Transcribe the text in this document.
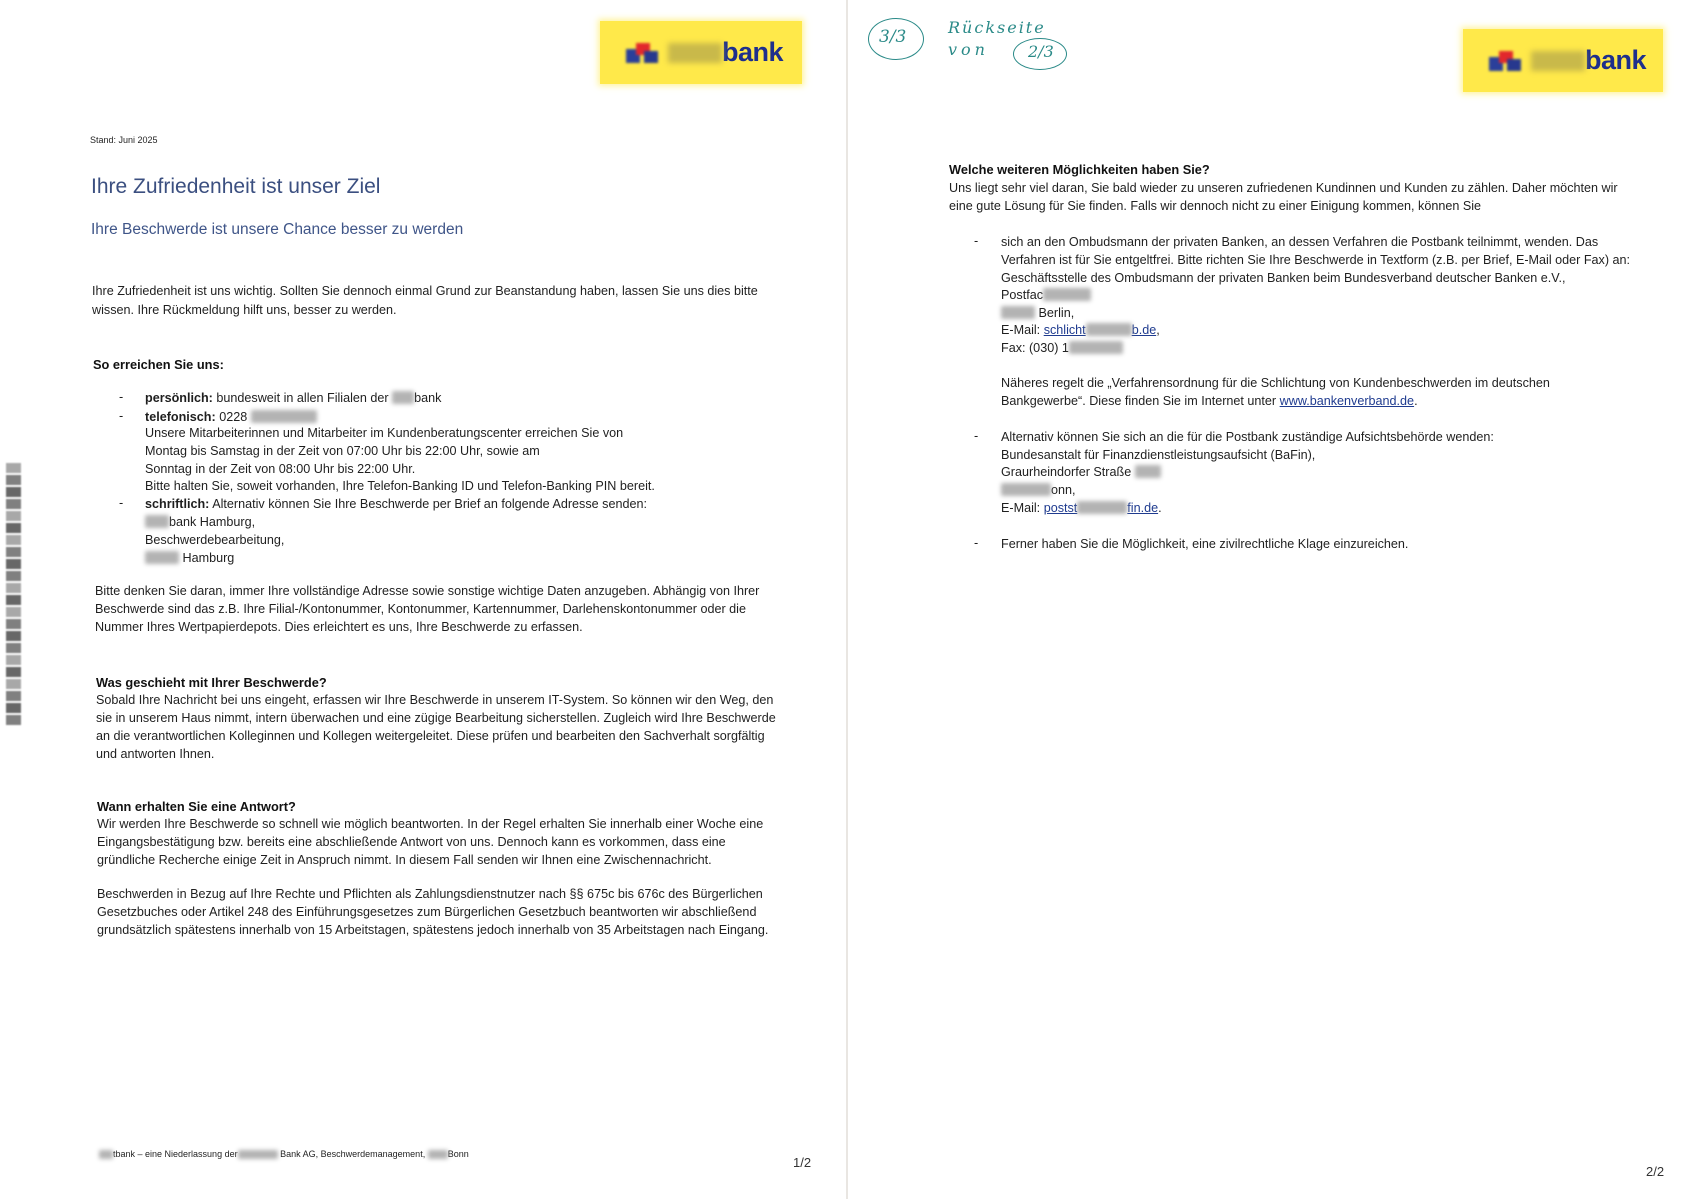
bank
Stand: Juni 2025
Ihre Zufriedenheit ist unser Ziel
Ihre Beschwerde ist unsere Chance besser zu werden
Ihre Zufriedenheit ist uns wichtig. Sollten Sie dennoch einmal Grund zur Beanstandung haben, lassen Sie uns dies bitte
wissen. Ihre Rückmeldung hilft uns, besser zu werden.
So erreichen Sie uns:
- persönlich: bundesweit in allen Filialen der bank
- telefonisch: 0228
Unsere Mitarbeiterinnen und Mitarbeiter im Kundenberatungscenter erreichen Sie von
Montag bis Samstag in der Zeit von 07:00 Uhr bis 22:00 Uhr, sowie am
Sonntag in der Zeit von 08:00 Uhr bis 22:00 Uhr.
Bitte halten Sie, soweit vorhanden, Ihre Telefon-Banking ID und Telefon-Banking PIN bereit.
- schriftlich: Alternativ können Sie Ihre Beschwerde per Brief an folgende Adresse senden:
bank Hamburg,
Beschwerdebearbeitung,
Hamburg
Bitte denken Sie daran, immer Ihre vollständige Adresse sowie sonstige wichtige Daten anzugeben. Abhängig von Ihrer
Beschwerde sind das z.B. Ihre Filial-/Kontonummer, Kontonummer, Kartennummer, Darlehenskontonummer oder die
Nummer Ihres Wertpapierdepots. Dies erleichtert es uns, Ihre Beschwerde zu erfassen.
Was geschieht mit Ihrer Beschwerde?
Sobald Ihre Nachricht bei uns eingeht, erfassen wir Ihre Beschwerde in unserem IT-System. So können wir den Weg, den
sie in unserem Haus nimmt, intern überwachen und eine zügige Bearbeitung sicherstellen. Zugleich wird Ihre Beschwerde
an die verantwortlichen Kolleginnen und Kollegen weitergeleitet. Diese prüfen und bearbeiten den Sachverhalt sorgfältig
und antworten Ihnen.
Wann erhalten Sie eine Antwort?
Wir werden Ihre Beschwerde so schnell wie möglich beantworten. In der Regel erhalten Sie innerhalb einer Woche eine
Eingangsbestätigung bzw. bereits eine abschließende Antwort von uns. Dennoch kann es vorkommen, dass eine
gründliche Recherche einige Zeit in Anspruch nimmt. In diesem Fall senden wir Ihnen eine Zwischennachricht.
Beschwerden in Bezug auf Ihre Rechte und Pflichten als Zahlungsdienstnutzer nach §§ 675c bis 676c des Bürgerlichen
Gesetzbuches oder Artikel 248 des Einführungsgesetzes zum Bürgerlichen Gesetzbuch beantworten wir abschließend
grundsätzlich spätestens innerhalb von 15 Arbeitstagen, spätestens jedoch innerhalb von 35 Arbeitstagen nach Eingang.
tbank – eine Niederlassung der	Bank AG, Beschwerdemanagement,	Bonn
1/2
bank
3/3	Rückseite
von 2/3
Welche weiteren Möglichkeiten haben Sie?
Uns liegt sehr viel daran, Sie bald wieder zu unseren zufriedenen Kundinnen und Kunden zu zählen. Daher möchten wir
eine gute Lösung für Sie finden. Falls wir dennoch nicht zu einer Einigung kommen, können Sie
- sich an den Ombudsmann der privaten Banken, an dessen Verfahren die Postbank teilnimmt, wenden. Das
Verfahren ist für Sie entgeltfrei. Bitte richten Sie Ihre Beschwerde in Textform (z.B. per Brief, E-Mail oder Fax) an:
Geschäftsstelle des Ombudsmann der privaten Banken beim Bundesverband deutscher Banken e.V.,
Postfac
Berlin,
E-Mail: schlicht	b.de,
Fax: (030) 1
Näheres regelt die „Verfahrensordnung für die Schlichtung von Kundenbeschwerden im deutschen
Bankgewerbe“. Diese finden Sie im Internet unter www.bankenverband.de.
- Alternativ können Sie sich an die für die Postbank zuständige Aufsichtsbehörde wenden:
Bundesanstalt für Finanzdienstleistungsaufsicht (BaFin),
Graurheindorfer Straße
onn,
E-Mail: postst	fin.de.
- Ferner haben Sie die Möglichkeit, eine zivilrechtliche Klage einzureichen.
2/2
